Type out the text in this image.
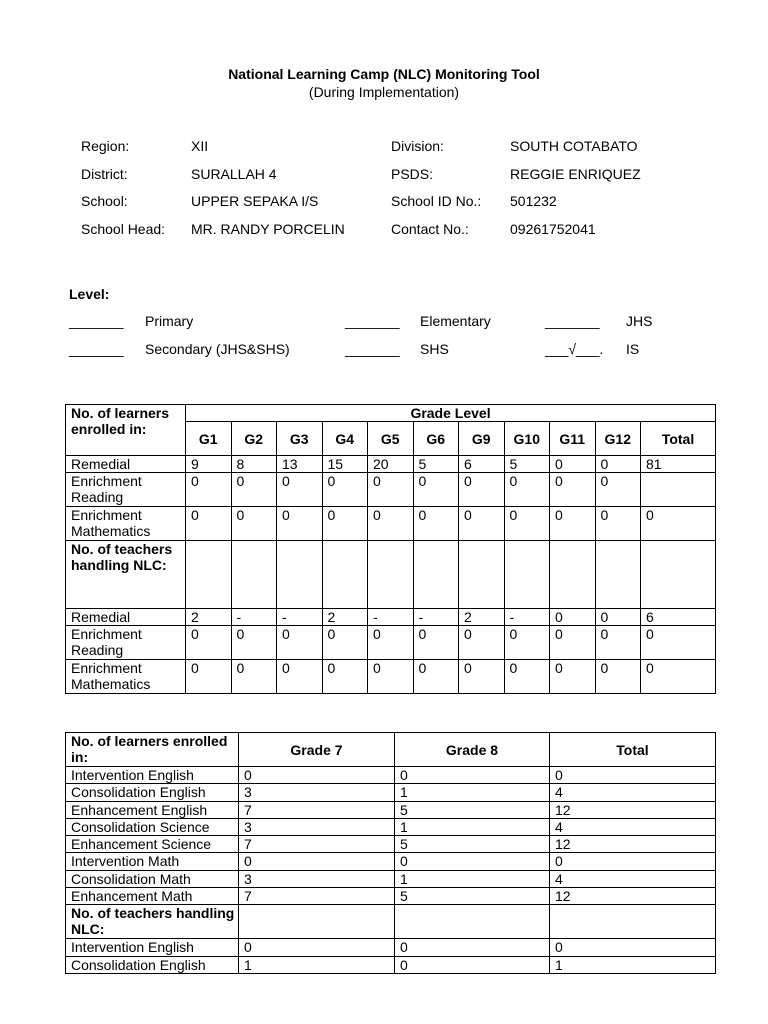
National Learning Camp (NLC) Monitoring Tool
(During Implementation)
Region:	XII	Division:	SOUTH COTABATO
District:	SURALLAH 4	PSDS:	REGGIE ENRIQUEZ
School:	UPPER SEPAKA I/S	School ID No.: 501232
School Head: MR. RANDY PORCELIN	Contact No.:	09261752041
Level:
_______ Primary	_______ Elementary	_______ JHS
_______ Secondary (JHS&SHS)	_______ SHS	___√___. IS
No. of learners enrolled in:	Grade Level										
	G1	G2	G3	G4	G5	G6	G9	G10	G11	G12	Total
Remedial	9	8	13	15	20	5	6	5	0	0	81
Enrichment Reading	0	0	0	0	0	0	0	0	0	0	
Enrichment Mathematics	0	0	0	0	0	0	0	0	0	0	0
No. of teachers handling NLC:											
Remedial	2	-	-	2	-	-	2	-	0	0	6
Enrichment Reading	0	0	0	0	0	0	0	0	0	0	0
Enrichment Mathematics	0	0	0	0	0	0	0	0	0	0	0
No. of learners enrolled in:	Grade 7	Grade 8	Total
Intervention English	0	0	0
Consolidation English	3	1	4
Enhancement English	7	5	12
Consolidation Science	3	1	4
Enhancement Science	7	5	12
Intervention Math	0	0	0
Consolidation Math	3	1	4
Enhancement Math	7	5	12
No. of teachers handling NLC:			
Intervention English	0	0	0
Consolidation English	1	0	1
